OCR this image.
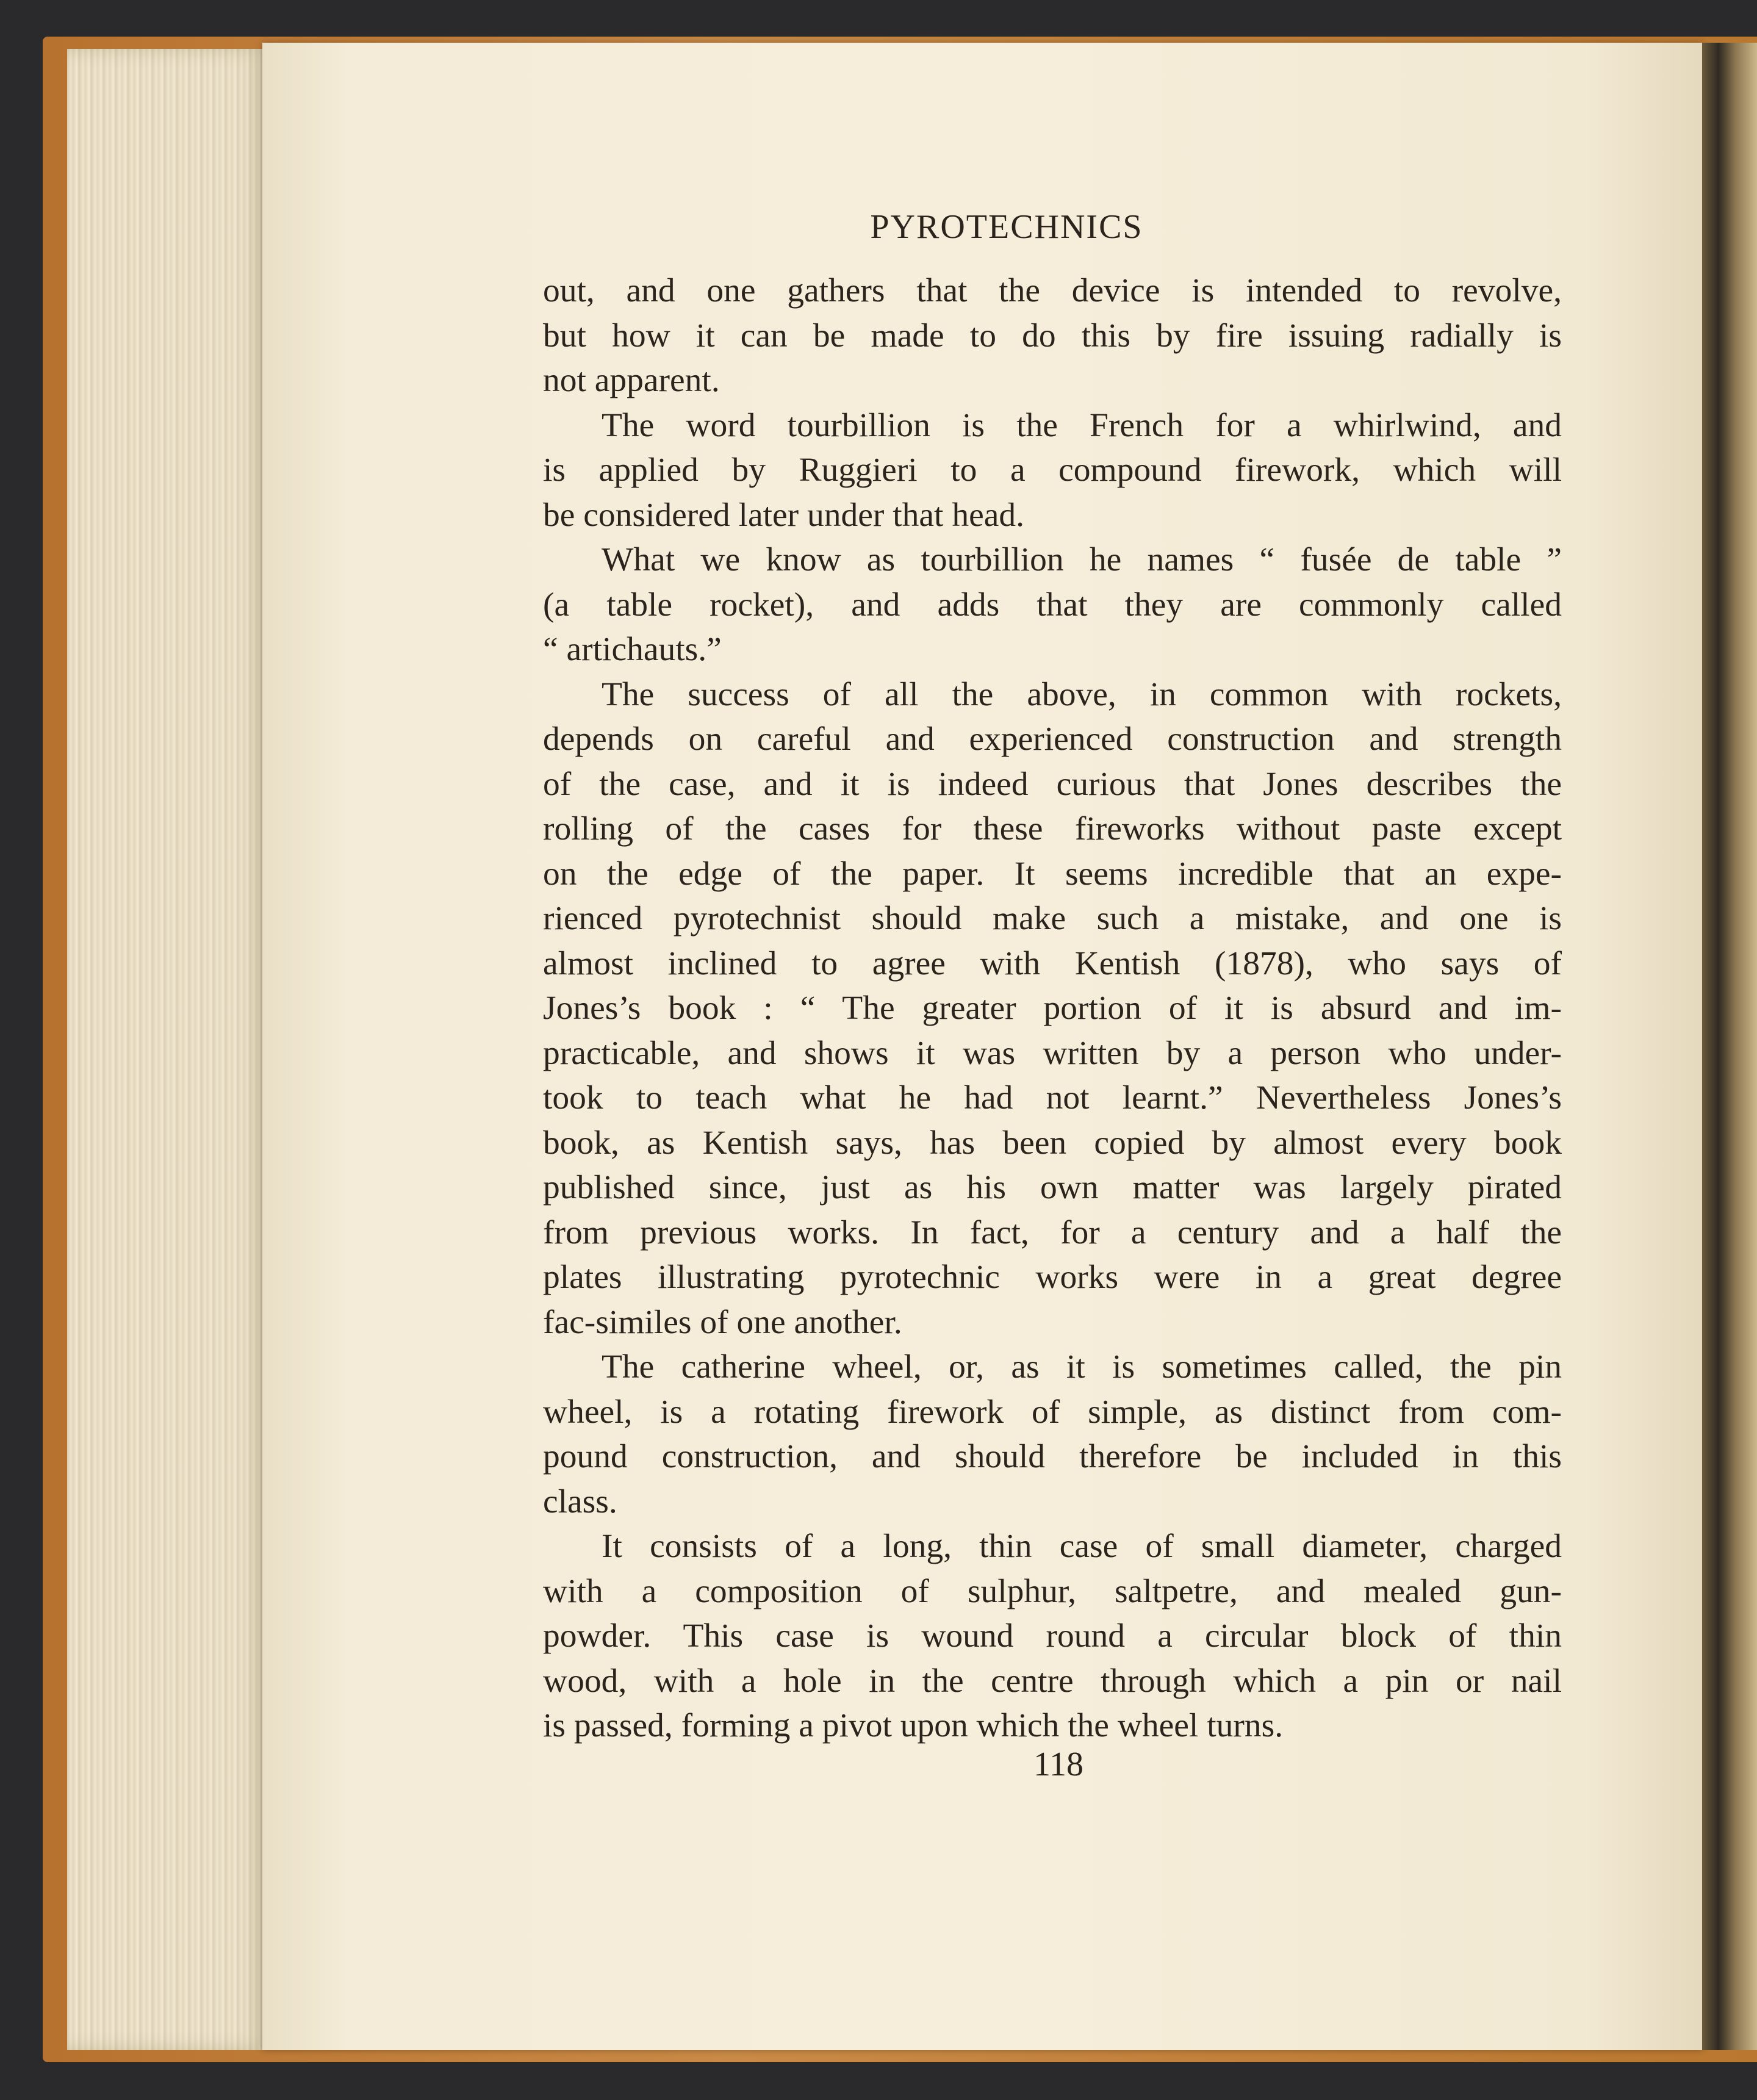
PYROTECHNICS
out, and one gathers that the device is intended to revolve,
but how it can be made to do this by fire issuing radially is
not apparent.
The word tourbillion is the French for a whirlwind, and
is applied by Ruggieri to a compound firework, which will
be considered later under that head.
What we know as tourbillion he names “ fusée de table ”
(a table rocket), and adds that they are commonly called
“ artichauts.”
The success of all the above, in common with rockets,
depends on careful and experienced construction and strength
of the case, and it is indeed curious that Jones describes the
rolling of the cases for these fireworks without paste except
on the edge of the paper. It seems incredible that an expe-
rienced pyrotechnist should make such a mistake, and one is
almost inclined to agree with Kentish (1878), who says of
Jones’s book : “ The greater portion of it is absurd and im-
practicable, and shows it was written by a person who under-
took to teach what he had not learnt.” Nevertheless Jones’s
book, as Kentish says, has been copied by almost every book
published since, just as his own matter was largely pirated
from previous works. In fact, for a century and a half the
plates illustrating pyrotechnic works were in a great degree
fac-similes of one another.
The catherine wheel, or, as it is sometimes called, the pin
wheel, is a rotating firework of simple, as distinct from com-
pound construction, and should therefore be included in this
class.
It consists of a long, thin case of small diameter, charged
with a composition of sulphur, saltpetre, and mealed gun-
powder. This case is wound round a circular block of thin
wood, with a hole in the centre through which a pin or nail
is passed, forming a pivot upon which the wheel turns.
118
